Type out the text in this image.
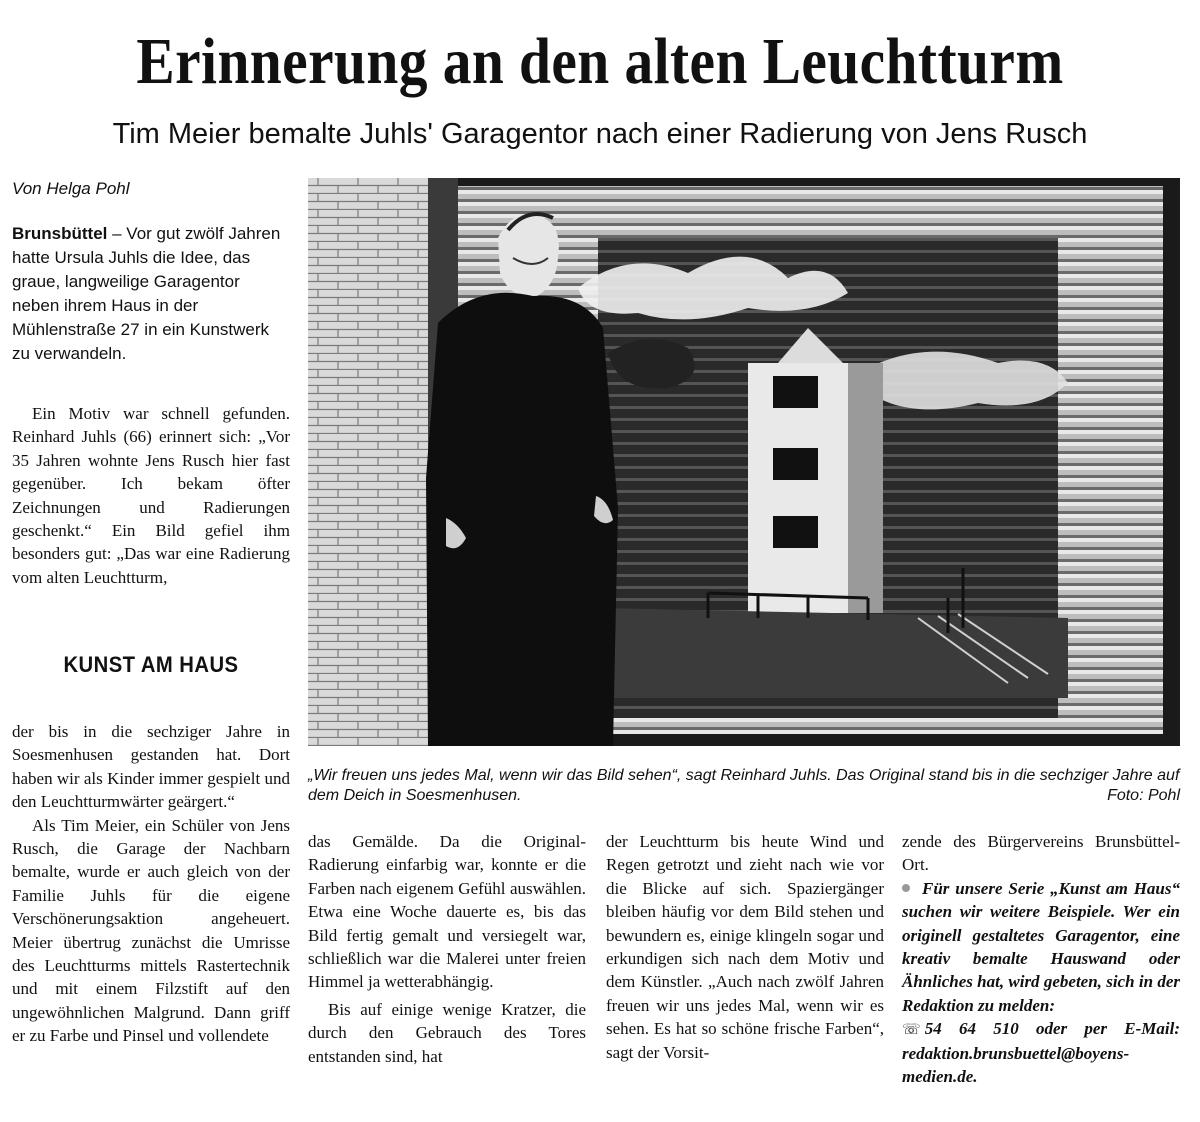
Erinnerung an den alten Leuchtturm
Tim Meier bemalte Juhls' Garagentor nach einer Radierung von Jens Rusch
Von Helga Pohl
Brunsbüttel – Vor gut zwölf Jahren hatte Ursula Juhls die Idee, das graue, langweilige Garagentor neben ihrem Haus in der Mühlenstraße 27 in ein Kunstwerk zu verwandeln.

Ein Motiv war schnell gefunden. Reinhard Juhls (66) erinnert sich: „Vor 35 Jahren wohnte Jens Rusch hier fast gegenüber. Ich bekam öfter Zeichnungen und Radierungen geschenkt.“ Ein Bild gefiel ihm besonders gut: „Das war eine Radierung vom alten Leuchtturm,

KUNST AM HAUS

der bis in die sechziger Jahre in Soesmenhusen gestanden hat. Dort haben wir als Kinder immer gespielt und den Leuchtturmwärter geärgert.“

Als Tim Meier, ein Schüler von Jens Rusch, die Garage der Nachbarn bemalte, wurde er auch gleich von der Familie Juhls für die eigene Verschönerungsaktion angeheuert. Meier übertrug zunächst die Umrisse des Leuchtturms mittels Rastertechnik und mit einem Filzstift auf den ungewöhnlichen Malgrund. Dann griff er zu Farbe und Pinsel und vollendete

„Wir freuen uns jedes Mal, wenn wir das Bild sehen“, sagt Reinhard Juhls. Das Original stand bis in die sechziger Jahre auf dem Deich in Soesmenhusen.	Foto: Pohl

das Gemälde. Da die Original-Radierung einfarbig war, konnte er die Farben nach eigenem Gefühl auswählen. Etwa eine Woche dauerte es, bis das Bild fertig gemalt und versiegelt war, schließlich war die Malerei unter freien Himmel ja wetterabhängig.

Bis auf einige wenige Kratzer, die durch den Gebrauch des Tores entstanden sind, hat

der Leuchtturm bis heute Wind und Regen getrotzt und zieht nach wie vor die Blicke auf sich. Spaziergänger bleiben häufig vor dem Bild stehen und bewundern es, einige klingeln sogar und erkundigen sich nach dem Motiv und dem Künstler. „Auch nach zwölf Jahren freuen wir uns jedes Mal, wenn wir es sehen. Es hat so schöne frische Farben“, sagt der Vorsit-

zende des Bürgervereins Brunsbüttel-Ort.

Für unsere Serie „Kunst am Haus“ suchen wir weitere Beispiele. Wer ein originell gestaltetes Garagentor, eine kreativ bemalte Hauswand oder Ähnliches hat, wird gebeten, sich in der Redaktion zu melden:

☏ 54 64 510 oder per E-Mail: redaktion.brunsbuettel@boyens-medien.de.
